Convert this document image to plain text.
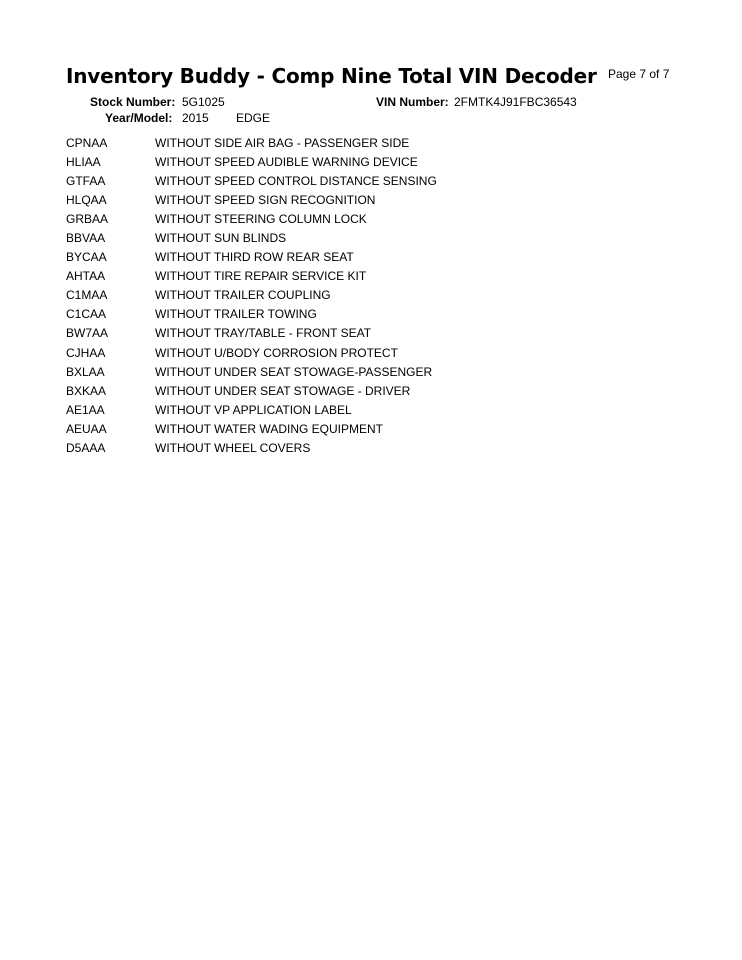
Inventory Buddy - Comp Nine Total VIN Decoder Page 7 of 7
Stock Number: 5G1025	VIN Number: 2FMTK4J91FBC36543
Year/Model: 2015 EDGE
CPNAA	WITHOUT SIDE AIR BAG - PASSENGER SIDE
HLIAA	WITHOUT SPEED AUDIBLE WARNING DEVICE
GTFAA	WITHOUT SPEED CONTROL DISTANCE SENSING
HLQAA	WITHOUT SPEED SIGN RECOGNITION
GRBAA	WITHOUT STEERING COLUMN LOCK
BBVAA	WITHOUT SUN BLINDS
BYCAA	WITHOUT THIRD ROW REAR SEAT
AHTAA	WITHOUT TIRE REPAIR SERVICE KIT
C1MAA	WITHOUT TRAILER COUPLING
C1CAA	WITHOUT TRAILER TOWING
BW7AA	WITHOUT TRAY/TABLE - FRONT SEAT
CJHAA	WITHOUT U/BODY CORROSION PROTECT
BXLAA	WITHOUT UNDER SEAT STOWAGE-PASSENGER
BXKAA	WITHOUT UNDER SEAT STOWAGE - DRIVER
AE1AA	WITHOUT VP APPLICATION LABEL
AEUAA	WITHOUT WATER WADING EQUIPMENT
D5AAA	WITHOUT WHEEL COVERS
